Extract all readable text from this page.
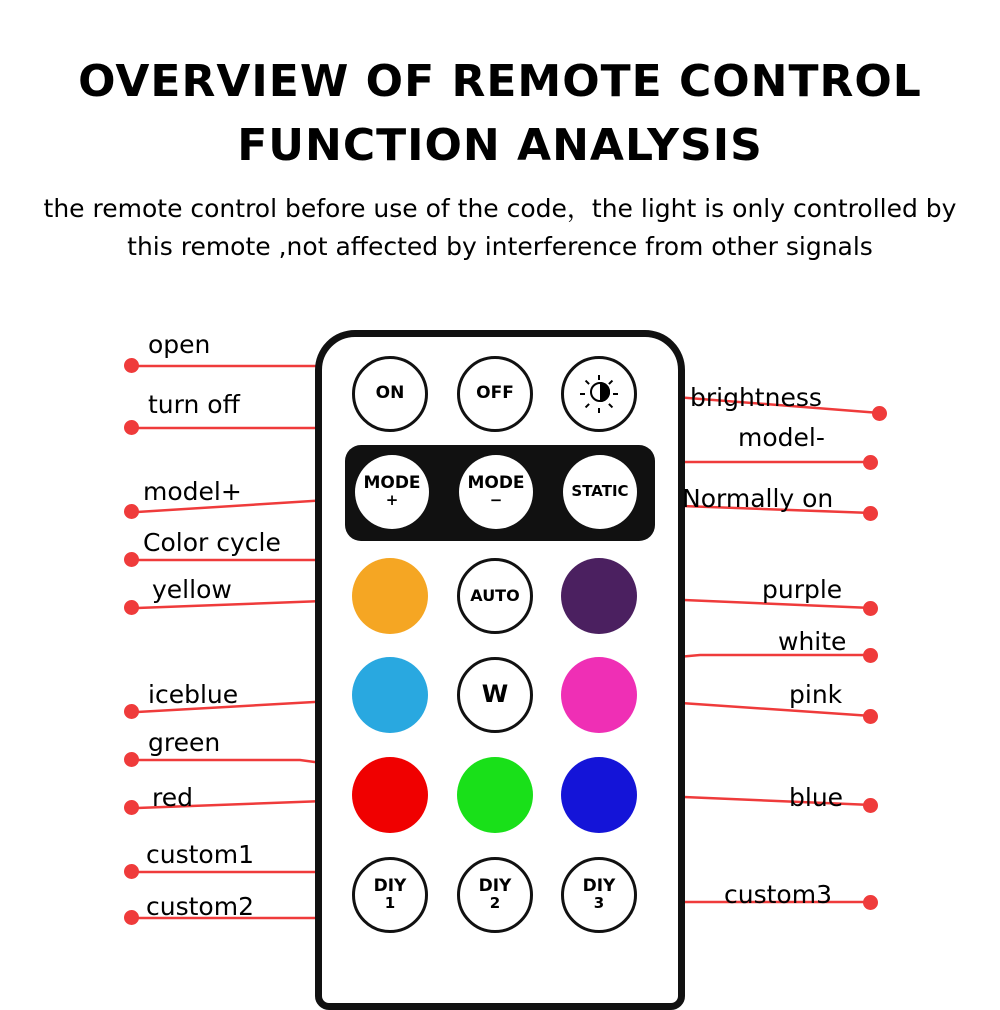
OVERVIEW OF REMOTE CONTROL
FUNCTION ANALYSIS
the remote control before use of the code，the light is only controlled by
this remote ,not affected by interference from other signals
ON	OFF
MODE
+
MODE
−	STATIC
AUTO
W
DIY
1
DIY
2
DIY
3
open
turn off
model+
Color cycle
yellow
iceblue
green
red
custom1
custom2
brightness
model-
Normally on
purple
white
pink
blue
custom3
